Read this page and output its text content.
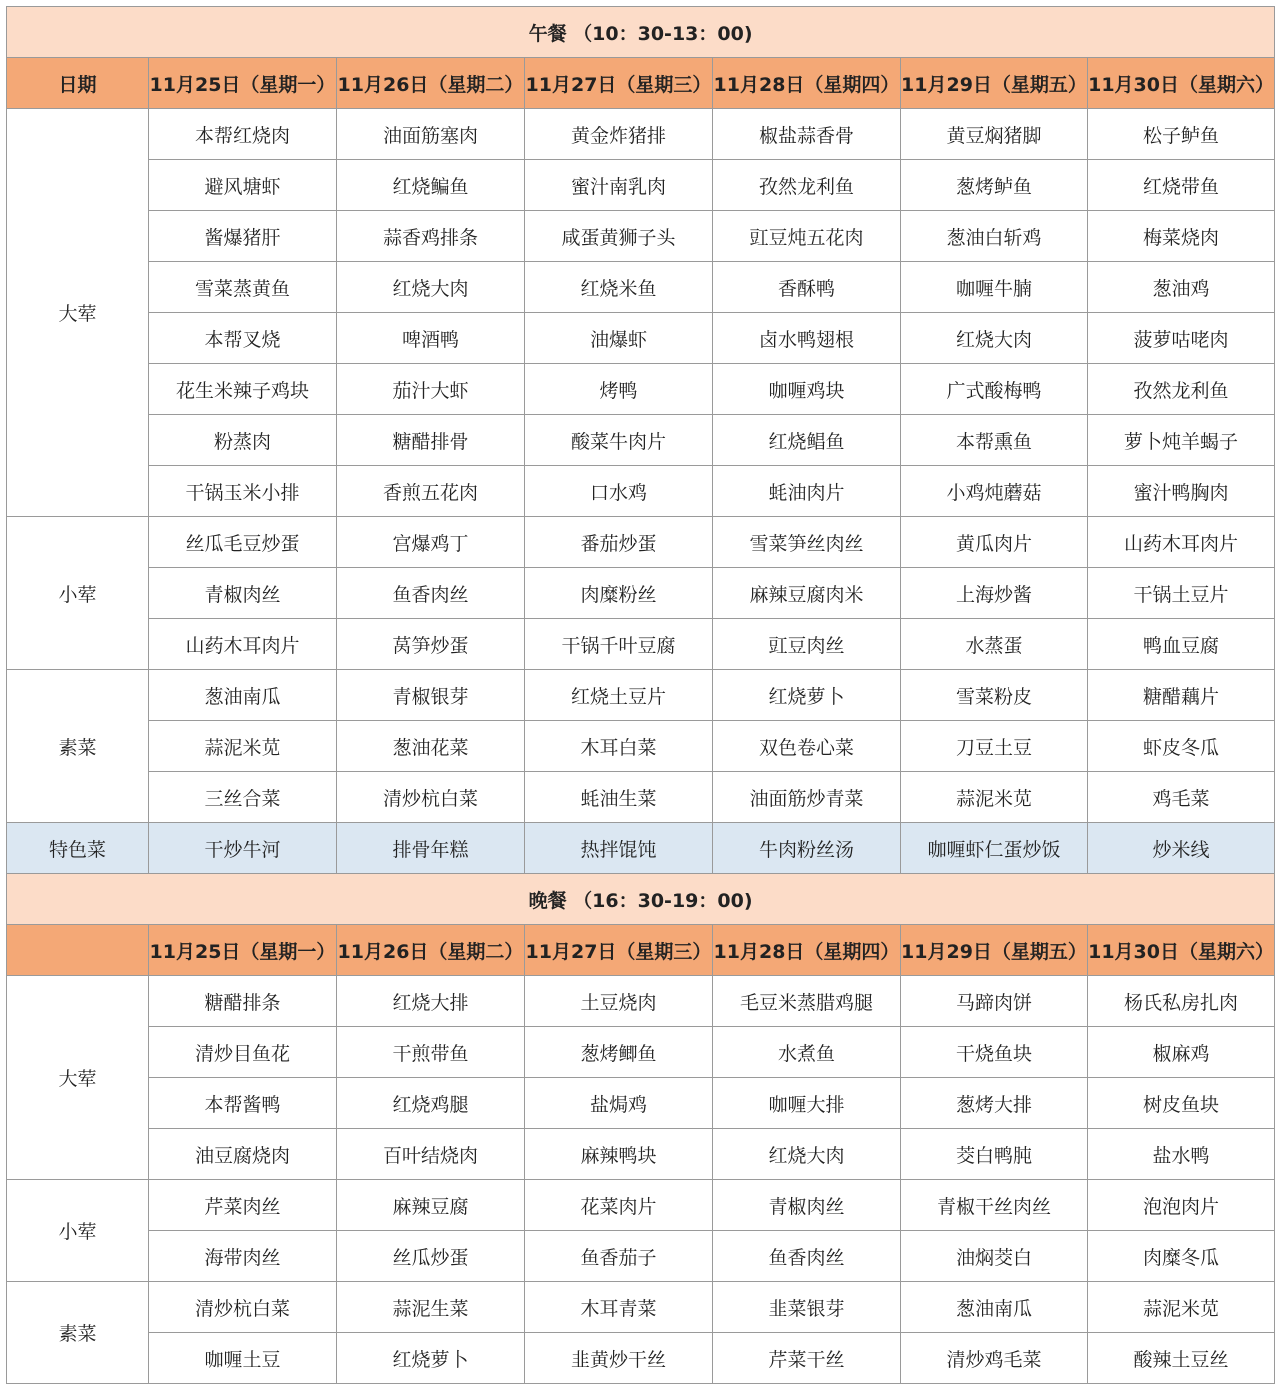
午餐 （10：30-13：00)						
日期	11月25日（星期一）	11月26日（星期二）	11月27日（星期三）	11月28日（星期四）	11月29日（星期五）	11月30日（星期六）
大荤	本帮红烧肉	油面筋塞肉	黄金炸猪排	椒盐蒜香骨	黄豆焖猪脚	松子鲈鱼
	避风塘虾	红烧鳊鱼	蜜汁南乳肉	孜然龙利鱼	葱烤鲈鱼	红烧带鱼
	酱爆猪肝	蒜香鸡排条	咸蛋黄狮子头	豇豆炖五花肉	葱油白斩鸡	梅菜烧肉
	雪菜蒸黄鱼	红烧大肉	红烧米鱼	香酥鸭	咖喱牛腩	葱油鸡
	本帮叉烧	啤酒鸭	油爆虾	卤水鸭翅根	红烧大肉	菠萝咕咾肉
	花生米辣子鸡块	茄汁大虾	烤鸭	咖喱鸡块	广式酸梅鸭	孜然龙利鱼
	粉蒸肉	糖醋排骨	酸菜牛肉片	红烧鲳鱼	本帮熏鱼	萝卜炖羊蝎子
	干锅玉米小排	香煎五花肉	口水鸡	蚝油肉片	小鸡炖蘑菇	蜜汁鸭胸肉
小荤	丝瓜毛豆炒蛋	宫爆鸡丁	番茄炒蛋	雪菜笋丝肉丝	黄瓜肉片	山药木耳肉片
	青椒肉丝	鱼香肉丝	肉糜粉丝	麻辣豆腐肉米	上海炒酱	干锅土豆片
	山药木耳肉片	莴笋炒蛋	干锅千叶豆腐	豇豆肉丝	水蒸蛋	鸭血豆腐
素菜	葱油南瓜	青椒银芽	红烧土豆片	红烧萝卜	雪菜粉皮	糖醋藕片
	蒜泥米苋	葱油花菜	木耳白菜	双色卷心菜	刀豆土豆	虾皮冬瓜
	三丝合菜	清炒杭白菜	蚝油生菜	油面筋炒青菜	蒜泥米苋	鸡毛菜
特色菜	干炒牛河	排骨年糕	热拌馄饨	牛肉粉丝汤	咖喱虾仁蛋炒饭	炒米线
晚餐 （16：30-19：00)						
	11月25日（星期一）	11月26日（星期二）	11月27日（星期三）	11月28日（星期四）	11月29日（星期五）	11月30日（星期六）
大荤	糖醋排条	红烧大排	土豆烧肉	毛豆米蒸腊鸡腿	马蹄肉饼	杨氏私房扎肉
	清炒目鱼花	干煎带鱼	葱烤鲫鱼	水煮鱼	干烧鱼块	椒麻鸡
	本帮酱鸭	红烧鸡腿	盐焗鸡	咖喱大排	葱烤大排	树皮鱼块
	油豆腐烧肉	百叶结烧肉	麻辣鸭块	红烧大肉	茭白鸭肫	盐水鸭
小荤	芹菜肉丝	麻辣豆腐	花菜肉片	青椒肉丝	青椒干丝肉丝	泡泡肉片
	海带肉丝	丝瓜炒蛋	鱼香茄子	鱼香肉丝	油焖茭白	肉糜冬瓜
素菜	清炒杭白菜	蒜泥生菜	木耳青菜	韭菜银芽	葱油南瓜	蒜泥米苋
	咖喱土豆	红烧萝卜	韭黄炒干丝	芹菜干丝	清炒鸡毛菜	酸辣土豆丝
